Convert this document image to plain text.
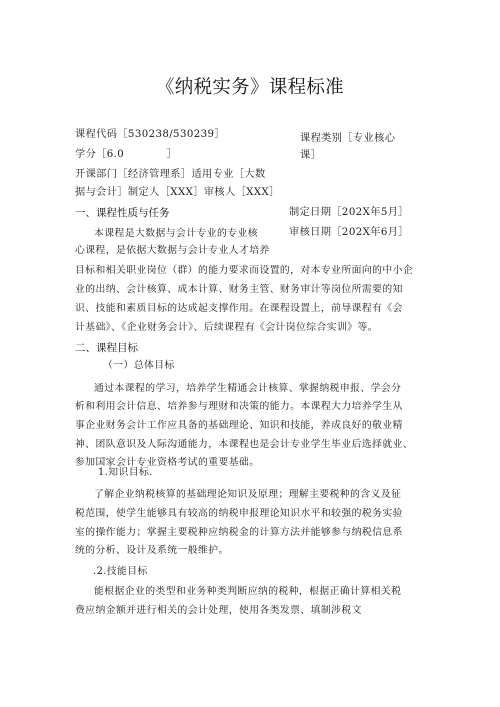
《纳税实务》课程标准
课程代码［530238/530239］
学分［6.0　　　　］
课程类别［专业核心
课］
开课部门［经济管理系］适用专业［大数
据与会计］制定人［XXX］审核人［XXX］
制定日期［202X年5月］
审核日期［202X年6月］
一、课程性质与任务
本课程是大数据与会计专业的专业核
心课程，是依据大数据与会计专业人才培养
目标和相关职业岗位（群）的能力要求而设置的，对本专业所面向的中小企
业的出纳、会计核算、成本计算、财务主管、财务审计等岗位所需要的知
识、技能和素质目标的达成起支撑作用。在课程设置上，前导课程有《会
计基础》、《企业财务会计》、后续课程有《会计岗位综合实训》等。
二、课程目标
（一）总体目标
通过本课程的学习，培养学生精通会计核算、掌握纳税申报、学会分
析和利用会计信息、培养参与理财和决策的能力。本课程大力培养学生从
事企业财务会计工作应具备的基础理论、知识和技能，养成良好的敬业精
神、团队意识及人际沟通能力，本课程也是会计专业学生毕业后选择就业、
参加国家会计专业资格考试的重要基础。
1.知识目标.
了解企业纳税核算的基础理论知识及原理；理解主要税种的含义及征
税范围，使学生能够具有较高的纳税申报理论知识水平和较强的税务实验
室的操作能力；掌握主要税种应纳税金的计算方法并能够参与纳税信息系
统的分析、设计及系统一般维护。
.2.技能目标
能根据企业的类型和业务种类判断应纳的税种，根据正确计算相关税
费应纳金额并进行相关的会计处理，使用各类发票、填制涉税文
